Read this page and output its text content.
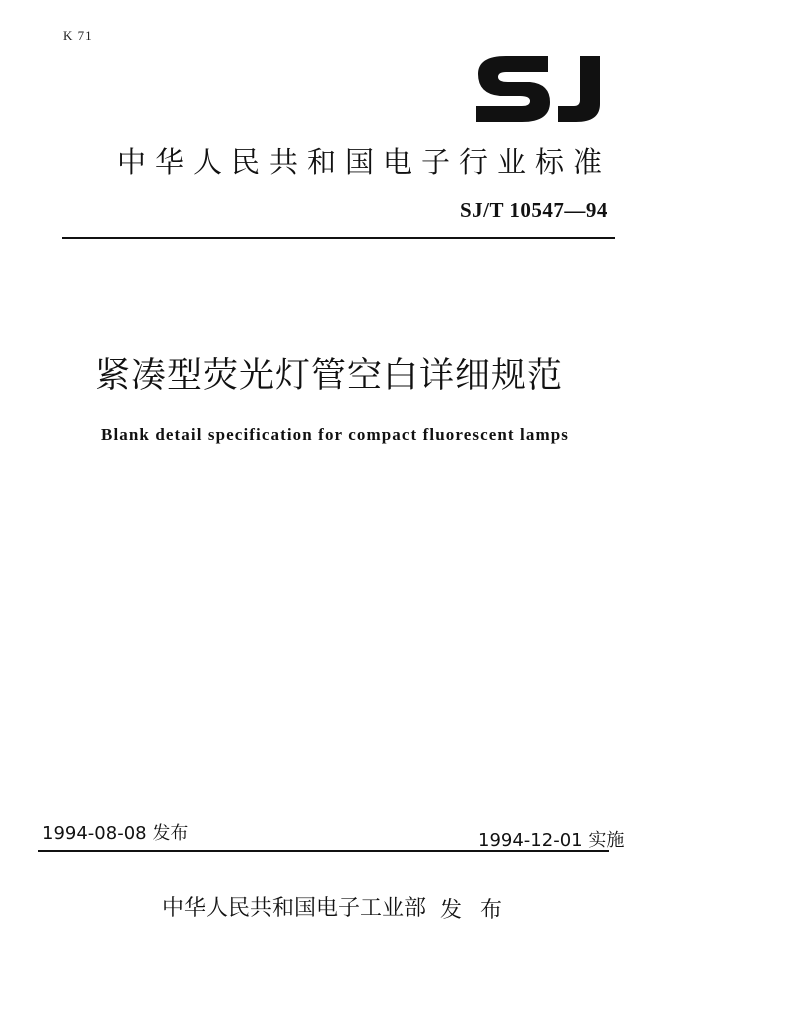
K 71
中华人民共和国电子行业标准
SJ/T 10547—94
紧凑型荧光灯管空白详细规范
Blank detail specification for compact fluorescent lamps
1994-08-08 发布	1994-12-01 实施
中华人民共和国电子工业部 发布
